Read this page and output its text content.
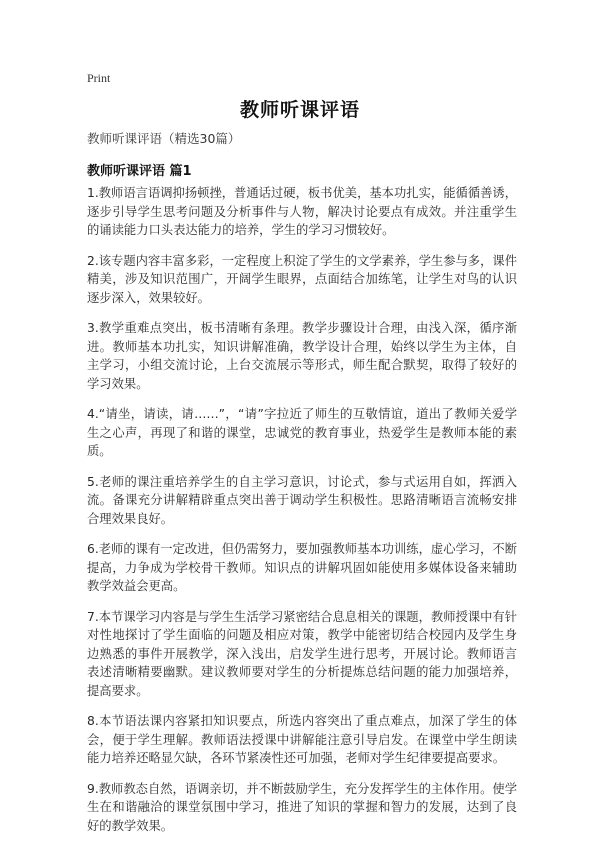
Print
教师听课评语
教师听课评语（精选30篇）
教师听课评语 篇1

1.教师语言语调抑扬顿挫，普通话过硬，板书优美，基本功扎实，能循循善诱，逐步引导学生思考问题及分析事件与人物，解决讨论要点有成效。并注重学生的诵读能力口头表达能力的培养，学生的学习习惯较好。

2.该专题内容丰富多彩，一定程度上积淀了学生的文学素养，学生参与多，课件精美，涉及知识范围广，开阔学生眼界，点面结合加练笔，让学生对鸟的认识逐步深入，效果较好。

3.教学重难点突出，板书清晰有条理。教学步骤设计合理，由浅入深，循序渐进。教师基本功扎实，知识讲解准确，教学设计合理，始终以学生为主体，自主学习，小组交流讨论，上台交流展示等形式，师生配合默契，取得了较好的学习效果。

4.“请坐，请读，请……”，“请”字拉近了师生的互敬情谊，道出了教师关爱学生之心声，再现了和谐的课堂，忠诚党的教育事业，热爱学生是教师本能的素质。

5.老师的课注重培养学生的自主学习意识，讨论式，参与式运用自如，挥洒入流。备课充分讲解精辟重点突出善于调动学生积极性。思路清晰语言流畅安排合理效果良好。

6.老师的课有一定改进，但仍需努力，要加强教师基本功训练，虚心学习，不断提高，力争成为学校骨干教师。知识点的讲解巩固如能使用多媒体设备来辅助教学效益会更高。

7.本节课学习内容是与学生生活学习紧密结合息息相关的课题，教师授课中有针对性地探讨了学生面临的问题及相应对策，教学中能密切结合校园内及学生身边熟悉的事件开展教学，深入浅出，启发学生进行思考，开展讨论。教师语言表述清晰精要幽默。建议教师要对学生的分析提炼总结问题的能力加强培养，提高要求。

8.本节语法课内容紧扣知识要点，所选内容突出了重点难点，加深了学生的体会，便于学生理解。教师语法授课中讲解能注意引导启发。在课堂中学生朗读能力培养还略显欠缺，各环节紧凑性还可加强，老师对学生纪律要提高要求。

9.教师教态自然，语调亲切，并不断鼓励学生，充分发挥学生的主体作用。使学生在和谐融洽的课堂氛围中学习，推进了知识的掌握和智力的发展，达到了良好的教学效果。
